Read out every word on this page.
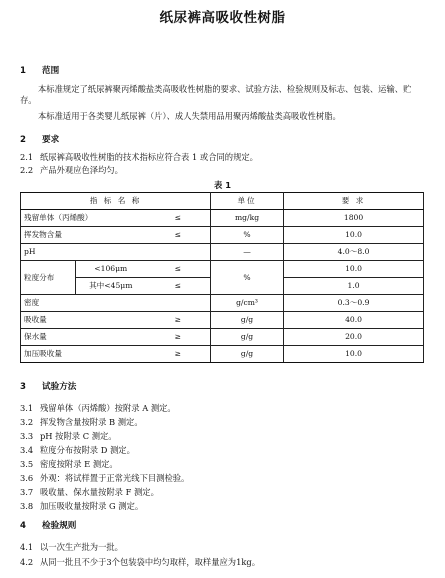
纸尿裤高吸收性树脂
1 范围
本标准规定了纸尿裤聚丙烯酸盐类高吸收性树脂的要求、试验方法、检验规则及标志、包装、运输、贮存。
本标准适用于各类婴儿纸尿裤（片）、成人失禁用品用聚丙烯酸盐类高吸收性树脂。
2 要求
2.1 纸尿裤高吸收性树脂的技术指标应符合表 1 或合同的规定。
2.2 产品外观应色泽均匀。
表 1
指 标 名 称			单位	要 求
残留单体（丙烯酸）		≤	mg/kg	1800
挥发物含量		≤	%	10.0
pH			—	4.0～8.0
粒度分布	<106μm	≤	%	10.0
	其中<45μm	≤		1.0
密度			g/cm³	0.3～0.9
吸收量		≥	g/g	40.0
保水量		≥	g/g	20.0
加压吸收量		≥	g/g	10.0
3 试验方法
3.1 残留单体（丙烯酸）按附录 A 测定。
3.2 挥发物含量按附录 B 测定。
3.3 pH 按附录 C 测定。
3.4 粒度分布按附录 D 测定。
3.5 密度按附录 E 测定。
3.6 外观：将试样置于正常光线下目测检验。
3.7 吸收量、保水量按附录 F 测定。
3.8 加压吸收量按附录 G 测定。
4 检验规则
4.1 以一次生产批为一批。
4.2 从同一批且不少于3个包装袋中均匀取样，取样量应为1kg。
